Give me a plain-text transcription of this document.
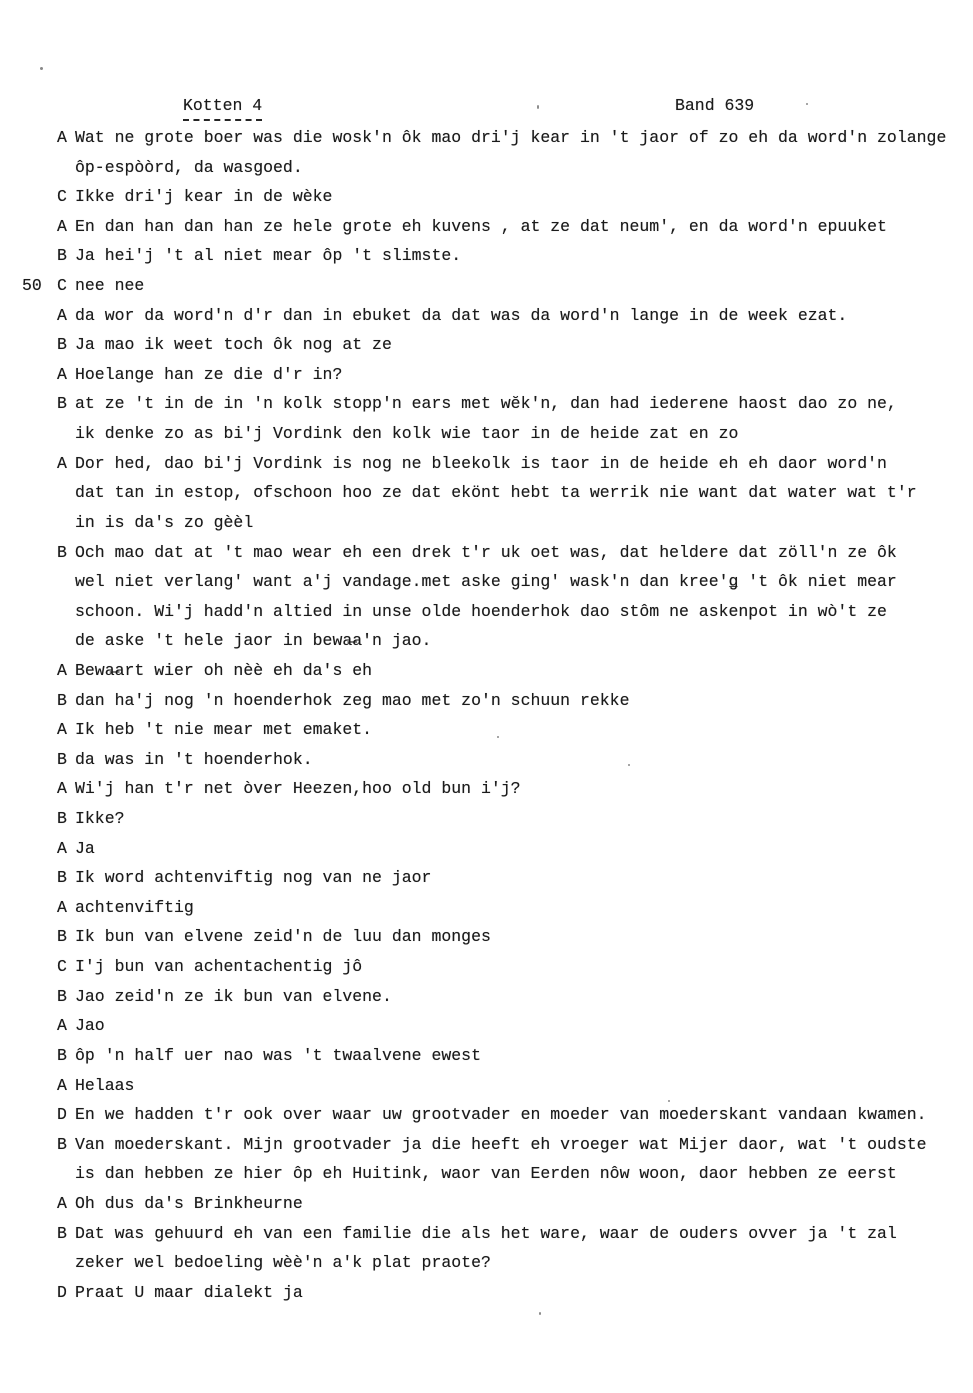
Kotten 4

	Band 639

A Wat ne grote boer was die wosk'n ôk mao dri'j kear in 't jaor of zo eh da word'n zolange
ôp-espòòrd, da wasgoed.
C Ikke dri'j kear in de wèke
A En dan han dan han ze hele grote eh kuvens , at ze dat neum', en da word'n epuuket
B Ja hei'j 't al niet mear ôp 't slimste.
50 C nee nee
A da wor da word'n d'r dan in ebuket da dat was da word'n lange in de week ezat.
B Ja mao ik weet toch ôk nog at ze
A Hoelange han ze die d'r in?
B at ze 't in de in 'n kolk stopp'n ears met wĕk'n, dan had iederene haost dao zo ne,
ik denke zo as bi'j Vordink den kolk wie taor in de heide zat en zo
A Dor hed, dao bi'j Vordink is nog ne bleekolk is taor in de heide eh eh daor word'n
dat tan in estop, ofschoon hoo ze dat ekönt hebt ta werrik nie want dat water wat t'r
in is da's zo gèèl
B Och mao dat at 't mao wear eh een drek t'r uk oet was, dat heldere dat zöll'n ze ôk
wel niet verlang' want a'j vandage.met aske ging' wask'n dan kree'ǥ 't ôk niet mear
schoon. Wi'j hadd'n altied in unse olde hoenderhok dao stôm ne askenpot in wò't ze
de aske 't hele jaor in bewa̶a'n jao.
A Bewa̶art wier oh nèè eh da's eh
B dan ha'j nog 'n hoenderhok zeg mao met zo'n schuun rekke
A Ik heb 't nie mear met emaket.
B da was in 't hoenderhok.
A Wi'j han t'r net òver Heezen,hoo old bun i'j?
B Ikke?
A Ja
B Ik word achtenviftig nog van ne jaor
A achtenviftig
B Ik bun van elvene zeid'n de luu dan monges
C I'j bun van achentachentig jô
B Jao zeid'n ze ik bun van elvene.
A Jao
B ôp 'n half uer nao was 't twaalvene ewest
A Helaas
D En we hadden t'r ook over waar uw grootvader en moeder van moederskant vandaan kwamen.
B Van moederskant. Mijn grootvader ja die heeft eh vroeger wat Mijer daor, wat 't oudste
is dan hebben ze hier ôp eh Huitink, waor van Eerden nôw woon, daor hebben ze eerst
A Oh dus da's Brinkheurne
B Dat was gehuurd eh van een familie die als het ware, waar de ouders ovver ja 't zal
zeker wel bedoeling wèè'n a'k plat praote?
D Praat U maar dialekt ja
